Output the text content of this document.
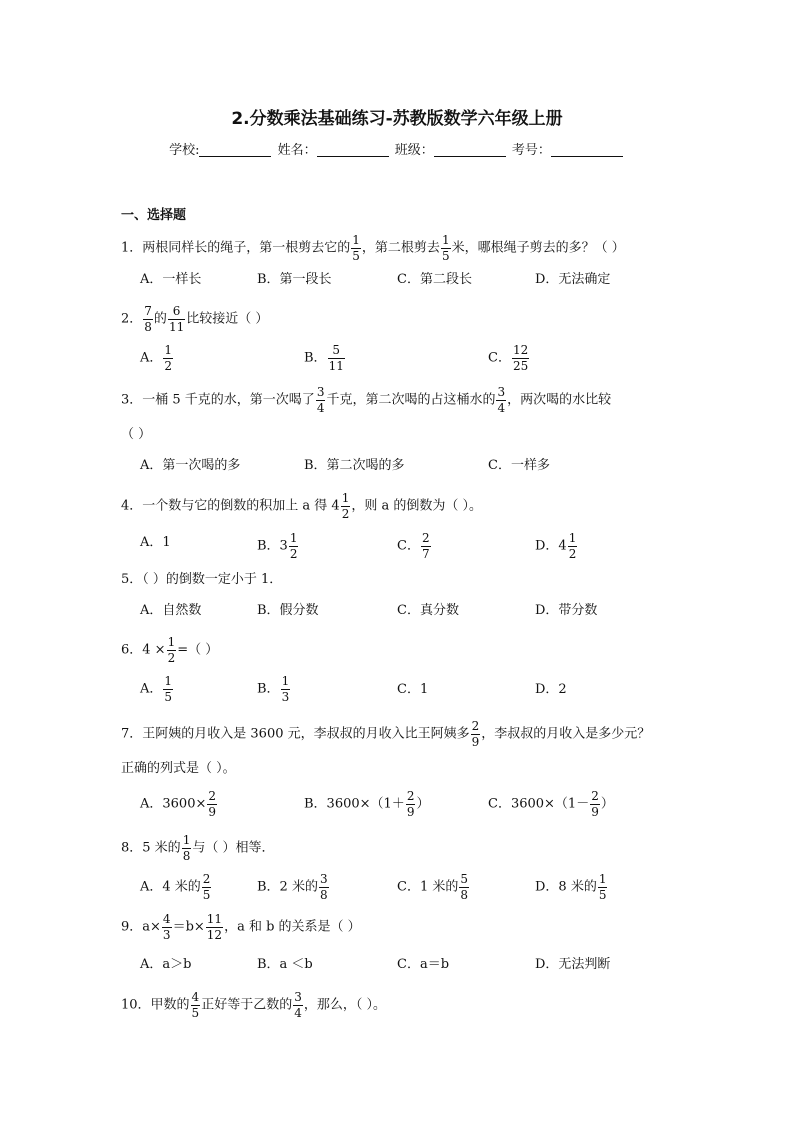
2.分数乘法基础练习-苏教版数学六年级上册
学校:	姓名：	班级：	考号：
一、选择题
1．两根同样长的绳子，第一根剪去它的 $\frac{1}{5}$ ，第二根剪去 $\frac{1}{5}$ 米，哪根绳子剪去的多？（ ）
A．一样长	B．第一段长	C．第二段长	D．无法确定
2． $\frac{7}{8}$ 的 $\frac{6}{11}$ 比较接近（ ）
A． $\frac{1}{2}$	B． $\frac{5}{11}$	C． $\frac{12}{25}$
3．一桶 5 千克的水，第一次喝了 $\frac{3}{4}$ 千克，第二次喝的占这桶水的 $\frac{3}{4}$ ，两次喝的水比较
（ ）
A．第一次喝的多	B．第二次喝的多	C．一样多
4．一个数与它的倒数的积加上 a 得 $4 \frac{1}{2}$ ，则 a 的倒数为（ ）。
A．1	B．$3 \frac{1}{2}$	C． $\frac{2}{7}$	D．$4 \frac{1}{2}$
5．（ ）的倒数一定小于 1．
A．自然数	B．假分数	C．真分数	D．带分数
6．$4 \times \frac{1}{2}$ =（ ）
A． $\frac{1}{5}$	B． $\frac{1}{3}$	C．1	D．2
7．王阿姨的月收入是 3600 元，李叔叔的月收入比王阿姨多 $\frac{2}{9}$ ，李叔叔的月收入是多少元？
正确的列式是（ ）。
A．$3600\times \frac{2}{9}$	B．$3600\times(1+ \frac{2}{9}$ ）	C．$3600\times(1- \frac{2}{9}$ ）
8．5 米的 $\frac{1}{8}$ 与（ ）相等．
A．4 米的 $\frac{2}{5}$	B．2 米的 $\frac{3}{8}$	C．1 米的 $\frac{5}{8}$	D．8 米的 $\frac{1}{5}$
9．$a\times \frac{4}{3} =b\times \frac{11}{12}$ ，a 和 b 的关系是（ ）
A．a＞b	B．a ＜b	C．a＝b	D．无法判断
10．甲数的 $\frac{4}{5}$ 正好等于乙数的 $\frac{3}{4}$ ，那么，（ ）。
